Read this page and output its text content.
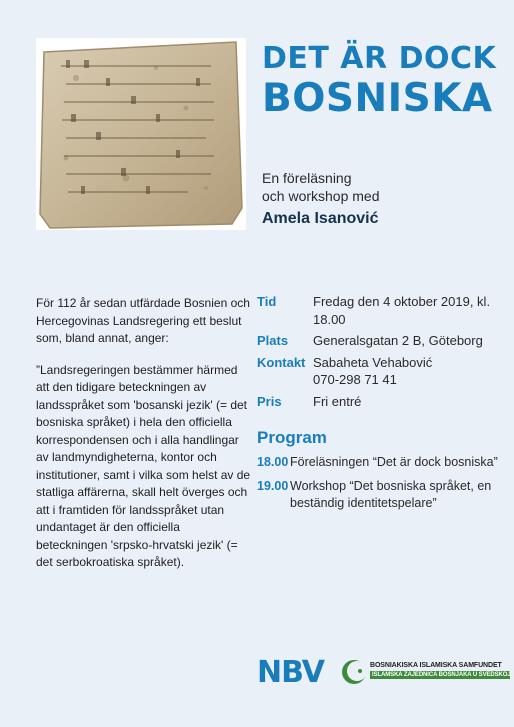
DET ÄR DOCK
BOSNISKA
En föreläsning
och workshop med
Amela Isanović

För 112 år sedan utfärdade Bosnien och Hercegovinas Landsregering ett beslut som, bland annat, anger:

”Landsregeringen bestämmer härmed att den tidigare beteckningen av landsspråket som 'bosanski jezik' (= det bosniska språket) i hela den officiella korrespondensen och i alla handlingar av landmyndigheterna, kontor och institutioner, samt i vilka som helst av de statliga affärerna, skall helt överges och att i framtiden för landsspråket utan undantaget är den officiella beteckningen 'srpsko-hrvatski jezik' (= det serbokroatiska språket).

Tid	Fredag den 4 oktober 2019, kl. 18.00
Plats	Generalsgatan 2 B, Göteborg
Kontakt Sabaheta Vehabović
070-298 71 41
Pris	Fri entré
Program
18.00 Föreläsningen “Det är dock bosniska”
19.00 Workshop “Det bosniska språket, en beständig identitetspelare”
NBV	BOSNIAKISKA ISLAMISKA SAMFUNDET
ISLAMSKA ZAJEDNICA BOŠNJAKA U ŠVEDSKOJ
